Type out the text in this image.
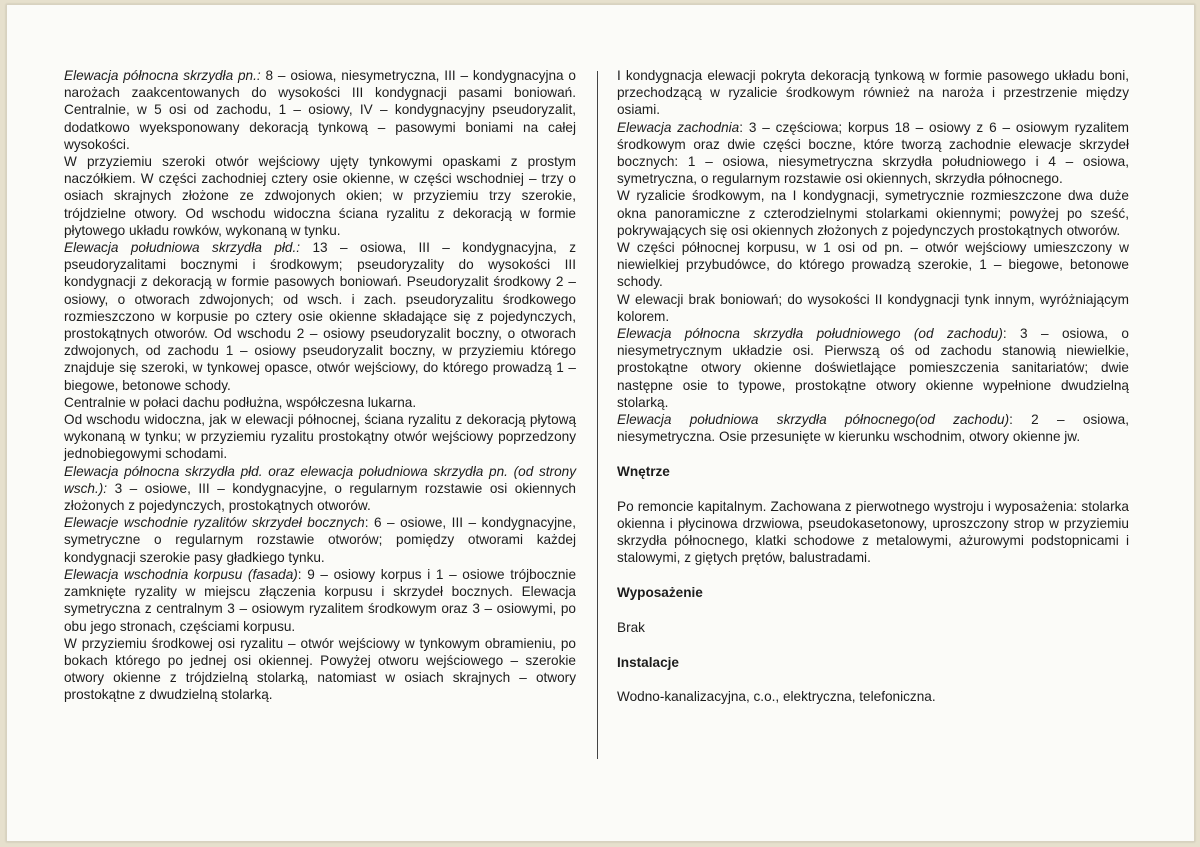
Elewacja północna skrzydła pn.: 8 – osiowa, niesymetryczna, III – kondygnacyjna o narożach zaakcentowanych do wysokości III kondygnacji pasami boniowań. Centralnie, w 5 osi od zachodu, 1 – osiowy, IV – kondygnacyjny pseudoryzalit, dodatkowo wyeksponowany dekoracją tynkową – pasowymi boniami na całej wysokości.

W przyziemiu szeroki otwór wejściowy ujęty tynkowymi opaskami z prostym naczółkiem. W części zachodniej cztery osie okienne, w części wschodniej – trzy o osiach skrajnych złożone ze zdwojonych okien; w przyziemiu trzy szerokie, trójdzielne otwory. Od wschodu widoczna ściana ryzalitu z dekoracją w formie płytowego układu rowków, wykonaną w tynku.

Elewacja południowa skrzydła płd.: 13 – osiowa, III – kondygnacyjna, z pseudoryzalitami bocznymi i środkowym; pseudoryzality do wysokości III kondygnacji z dekoracją w formie pasowych boniowań. Pseudoryzalit środkowy 2 – osiowy, o otworach zdwojonych; od wsch. i zach. pseudoryzalitu środkowego rozmieszczono w korpusie po cztery osie okienne składające się z pojedynczych, prostokątnych otworów. Od wschodu 2 – osiowy pseudoryzalit boczny, o otworach zdwojonych, od zachodu 1 – osiowy pseudoryzalit boczny, w przyziemiu którego znajduje się szeroki, w tynkowej opasce, otwór wejściowy, do którego prowadzą 1 – biegowe, betonowe schody.

Centralnie w połaci dachu podłużna, współczesna lukarna.

Od wschodu widoczna, jak w elewacji północnej, ściana ryzalitu z dekoracją płytową wykonaną w tynku; w przyziemiu ryzalitu prostokątny otwór wejściowy poprzedzony jednobiegowymi schodami.

Elewacja północna skrzydła płd. oraz elewacja południowa skrzydła pn. (od strony wsch.): 3 – osiowe, III – kondygnacyjne, o regularnym rozstawie osi okiennych złożonych z pojedynczych, prostokątnych otworów.

Elewacje wschodnie ryzalitów skrzydeł bocznych: 6 – osiowe, III – kondygnacyjne, symetryczne o regularnym rozstawie otworów; pomiędzy otworami każdej kondygnacji szerokie pasy gładkiego tynku.

Elewacja wschodnia korpusu (fasada): 9 – osiowy korpus i 1 – osiowe trójbocznie zamknięte ryzality w miejscu złączenia korpusu i skrzydeł bocznych. Elewacja symetryczna z centralnym 3 – osiowym ryzalitem środkowym oraz 3 – osiowymi, po obu jego stronach, częściami korpusu.

W przyziemiu środkowej osi ryzalitu – otwór wejściowy w tynkowym obramieniu, po bokach którego po jednej osi okiennej. Powyżej otworu wejściowego – szerokie otwory okienne z trójdzielną stolarką, natomiast w osiach skrajnych – otwory prostokątne z dwudzielną stolarką.

I kondygnacja elewacji pokryta dekoracją tynkową w formie pasowego układu boni, przechodzącą w ryzalicie środkowym również na naroża i przestrzenie między osiami.

Elewacja zachodnia: 3 – częściowa; korpus 18 – osiowy z 6 – osiowym ryzalitem środkowym oraz dwie części boczne, które tworzą zachodnie elewacje skrzydeł bocznych: 1 – osiowa, niesymetryczna skrzydła południowego i 4 – osiowa, symetryczna, o regularnym rozstawie osi okiennych, skrzydła północnego.

W ryzalicie środkowym, na I kondygnacji, symetrycznie rozmieszczone dwa duże okna panoramiczne z czterodzielnymi stolarkami okiennymi; powyżej po sześć, pokrywających się osi okiennych złożonych z pojedynczych prostokątnych otworów.

W części północnej korpusu, w 1 osi od pn. – otwór wejściowy umieszczony w niewielkiej przybudówce, do którego prowadzą szerokie, 1 – biegowe, betonowe schody.

W elewacji brak boniowań; do wysokości II kondygnacji tynk innym, wyróżniającym kolorem.

Elewacja północna skrzydła południowego (od zachodu): 3 – osiowa, o niesymetrycznym układzie osi. Pierwszą oś od zachodu stanowią niewielkie, prostokątne otwory okienne doświetlające pomieszczenia sanitariatów; dwie następne osie to typowe, prostokątne otwory okienne wypełnione dwudzielną stolarką.

Elewacja południowa skrzydła północnego(od zachodu): 2 – osiowa, niesymetryczna. Osie przesunięte w kierunku wschodnim, otwory okienne jw.

Wnętrze

Po remoncie kapitalnym. Zachowana z pierwotnego wystroju i wyposażenia: stolarka okienna i płycinowa drzwiowa, pseudokasetonowy, uproszczony strop w przyziemiu skrzydła północnego, klatki schodowe z metalowymi, ażurowymi podstopnicami i stalowymi, z giętych prętów, balustradami.

Wyposażenie

Brak

Instalacje

Wodno-kanalizacyjna, c.o., elektryczna, telefoniczna.
